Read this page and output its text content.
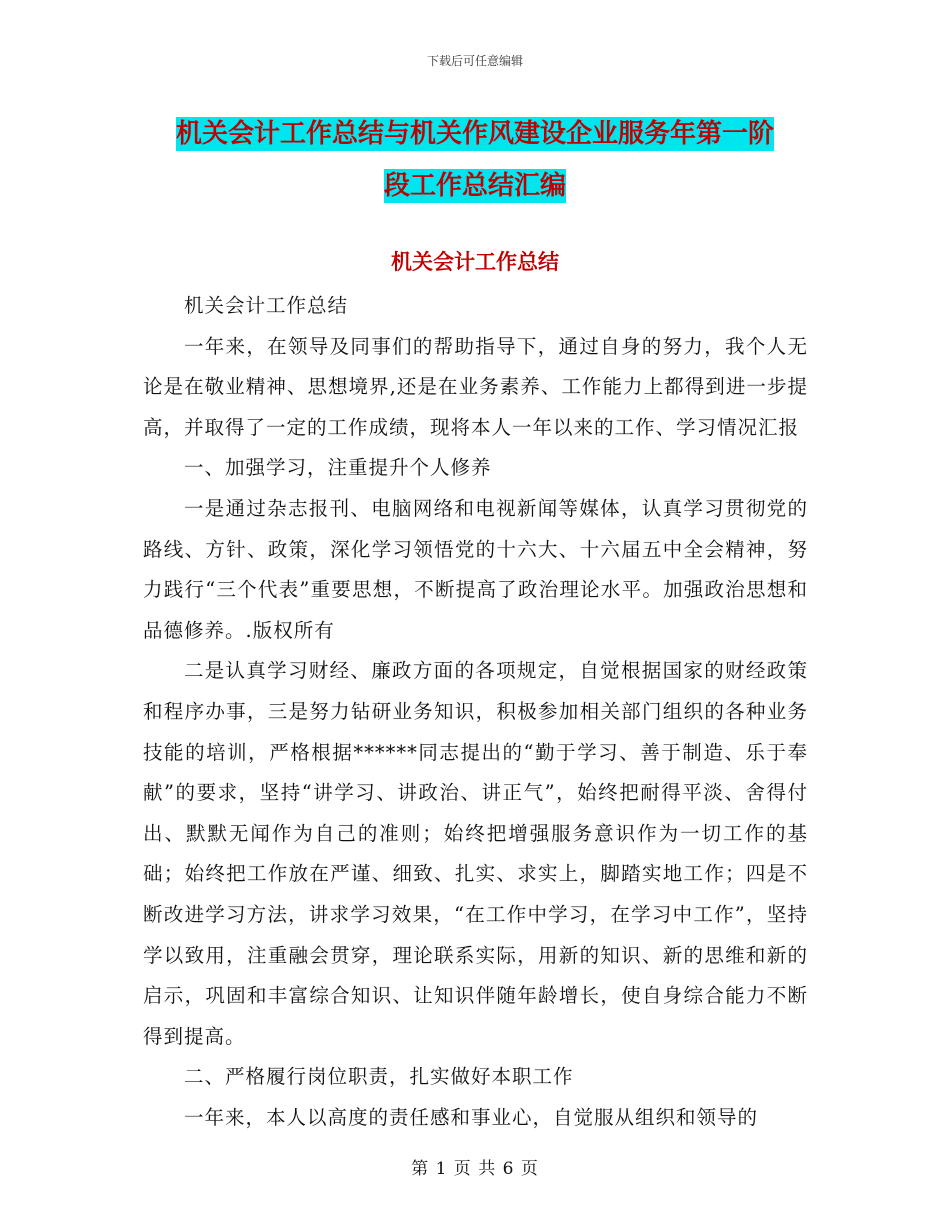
下载后可任意编辑
机关会计工作总结与机关作风建设企业服务年第一阶
段工作总结汇编
机关会计工作总结

机关会计工作总结

一年来，在领导及同事们的帮助指导下，通过自身的努力，我个人无论是在敬业精神、思想境界,还是在业务素养、工作能力上都得到进一步提高，并取得了一定的工作成绩，现将本人一年以来的工作、学习情况汇报

一、加强学习，注重提升个人修养

一是通过杂志报刊、电脑网络和电视新闻等媒体，认真学习贯彻党的路线、方针、政策，深化学习领悟党的十六大、十六届五中全会精神，努力践行“三个代表”重要思想，不断提高了政治理论水平。加强政治思想和品德修养。.版权所有

二是认真学习财经、廉政方面的各项规定，自觉根据国家的财经政策和程序办事，三是努力钻研业务知识，积极参加相关部门组织的各种业务技能的培训，严格根据******同志提出的“勤于学习、善于制造、乐于奉献”的要求，坚持“讲学习、讲政治、讲正气”，始终把耐得平淡、舍得付出、默默无闻作为自己的准则；始终把增强服务意识作为一切工作的基础；始终把工作放在严谨、细致、扎实、求实上，脚踏实地工作；四是不断改进学习方法，讲求学习效果，“在工作中学习，在学习中工作”，坚持学以致用，注重融会贯穿，理论联系实际，用新的知识、新的思维和新的启示，巩固和丰富综合知识、让知识伴随年龄增长，使自身综合能力不断得到提高。

二、严格履行岗位职责，扎实做好本职工作

一年来，本人以高度的责任感和事业心，自觉服从组织和领导的

第 1 页 共 6 页
